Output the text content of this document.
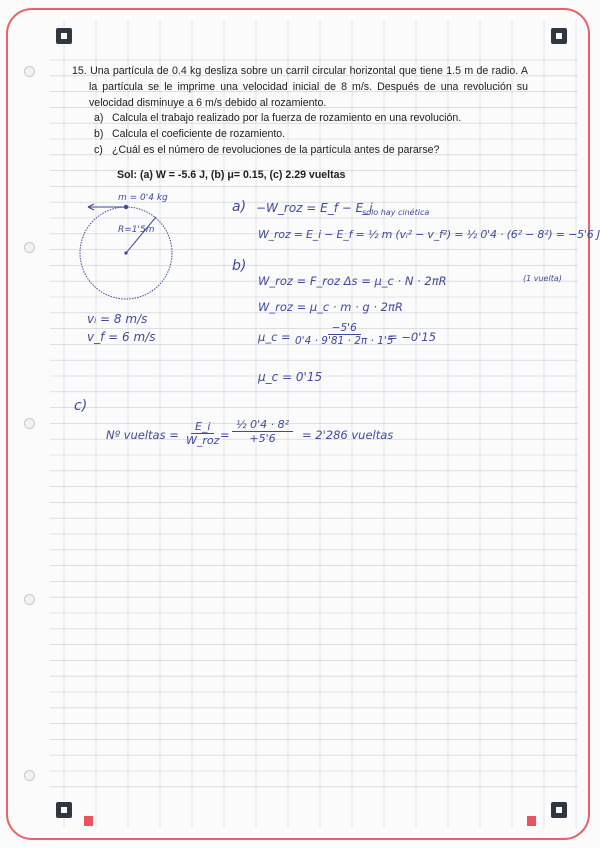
15. Una partícula de 0.4 kg desliza sobre un carril circular horizontal que tiene 1.5 m de radio. A la partícula se le imprime una velocidad inicial de 8 m/s. Después de una revolución su velocidad disminuye a 6 m/s debido al rozamiento.

a) Calcula el trabajo realizado por la fuerza de rozamiento en una revolución.
b) Calcula el coeficiente de rozamiento.
c) ¿Cuál es el número de revoluciones de la partícula antes de pararse?

Sol: (a) W = -5.6 J, (b) μ= 0.15, (c) 2.29 vueltas

m = 0'4 kg
R=1'5m
vᵢ = 8 m/s
v_f = 6 m/s
a) −W_roz = E_f − E_i
solo hay cinética
W_roz = E_i − E_f = ½ m (vᵢ² − v_f²) = ½ 0'4 · (6² − 8²) = −5'6 J
b)
(1 vuelta)
W_roz = F_roz Δs = μ_c · N · 2πR
W_roz = μ_c · m · g · 2πR
μ_c = $\frac{-5'6}{0'4 \cdot 9'81 \cdot 2\pi \cdot 1'5}$
= −0'15
μ_c = 0'15
c)
Nº vueltas =
E_i
W_roz = $\frac{\text{½ 0'4 · 8²}}{+5'6} = 2'286$ vueltas
